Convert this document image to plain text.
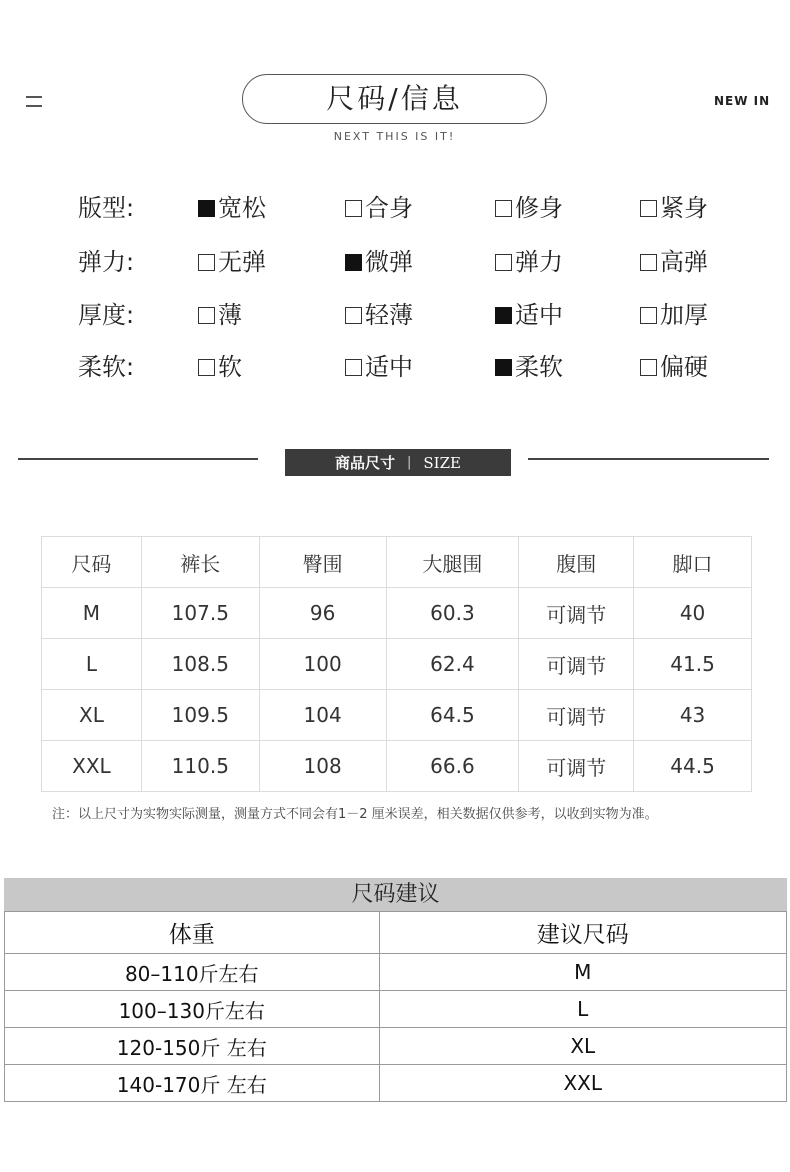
尺码/信息
NEXT THIS IS IT!
NEW IN
版型:	宽松	合身	修身	紧身
弹力:	无弹	微弹	弹力	高弹
厚度:	薄	轻薄	适中	加厚
柔软:	软	适中	柔软	偏硬
商品尺寸 | SIZE
尺码	裤长	臀围	大腿围	腹围	脚口
M	107.5	96	60.3	可调节	40
L	108.5	100	62.4	可调节	41.5
XL	109.5	104	64.5	可调节	43
XXL	110.5	108	66.6	可调节	44.5
注：以上尺寸为实物实际测量，测量方式不同会有1－2 厘米误差，相关数据仅供参考，以收到实物为准。
尺码建议
体重	建议尺码
80–110斤左右	M
100–130斤左右	L
120-150斤 左右	XL
140-170斤 左右	XXL
